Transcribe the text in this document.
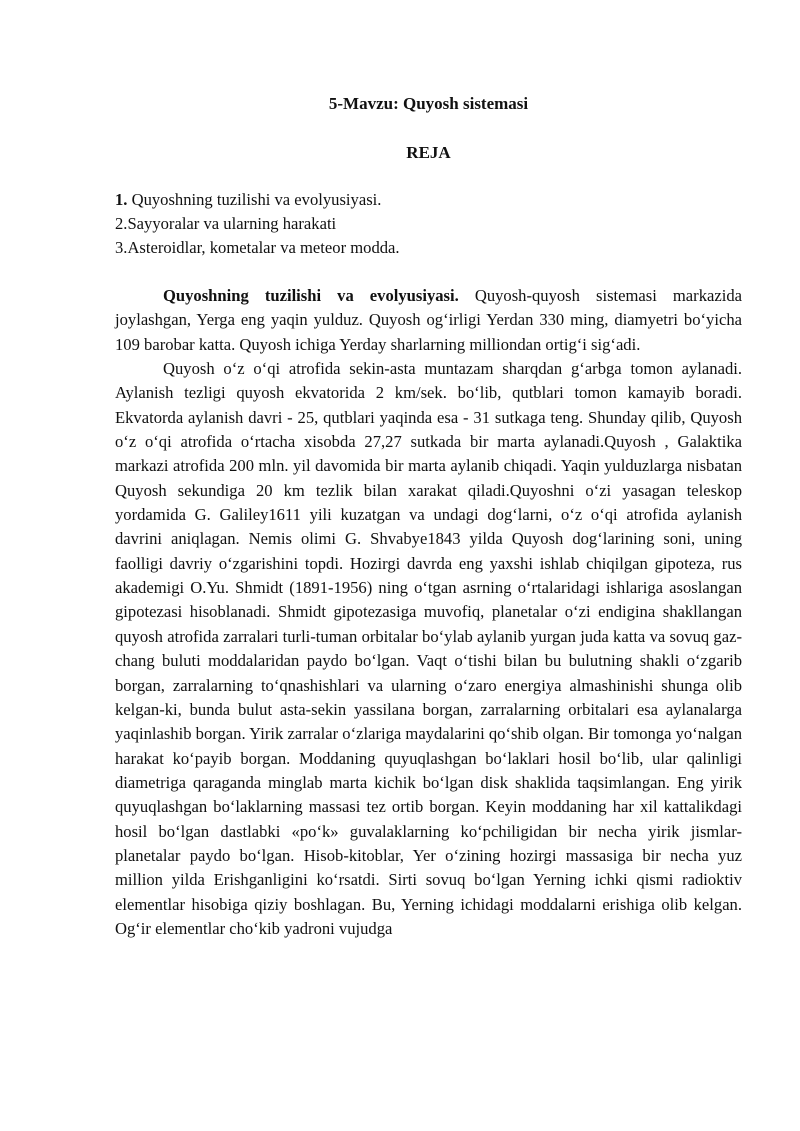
5-Mavzu: Quyosh sistemasi
REJA
1. Quyoshning tuzilishi va evolyusiyasi.
2.Sayyoralar va ularning harakati
3.Asteroidlar, kometalar va meteor modda.

Quyoshning tuzilishi va evolyusiyasi. Quyosh-quyosh sistemasi markazida joylashgan, Yerga eng yaqin yulduz. Quyosh og‘irligi Yerdan 330 ming, diamyetri bo‘yicha 109 barobar katta. Quyosh ichiga Yerday sharlarning milliondan ortig‘i sig‘adi.

Quyosh o‘z o‘qi atrofida sekin-asta muntazam sharqdan g‘arbga tomon aylanadi. Aylanish tezligi quyosh ekvatorida 2 km/sek. bo‘lib, qutblari tomon kamayib boradi. Ekvatorda aylanish davri - 25, qutblari yaqinda esa - 31 sutkaga teng. Shunday qilib, Quyosh o‘z o‘qi atrofida o‘rtacha xisobda 27,27 sutkada bir marta aylanadi.Quyosh , Galaktika markazi atrofida 200 mln. yil davomida bir marta aylanib chiqadi. Yaqin yulduzlarga nisbatan Quyosh sekundiga 20 km tezlik bilan xarakat qiladi.Quyoshni o‘zi yasagan teleskop yordamida G. Galiley1611 yili kuzatgan va undagi dog‘larni, o‘z o‘qi atrofida aylanish davrini aniqlagan. Nemis olimi G. Shvabye1843 yilda Quyosh dog‘larining soni, uning faolligi davriy o‘zgarishini topdi. Hozirgi davrda eng yaxshi ishlab chiqilgan gipoteza, rus akademigi O.Yu. Shmidt (1891-1956) ning o‘tgan asrning o‘rtalaridagi ishlariga asoslangan gipotezasi hisoblanadi. Shmidt gipotezasiga muvofiq, planetalar o‘zi endigina shakllangan quyosh atrofida zarralari turli-tuman orbitalar bo‘ylab aylanib yurgan juda katta va sovuq gaz-chang buluti moddalaridan paydo bo‘lgan. Vaqt o‘tishi bilan bu bulutning shakli o‘zgarib borgan, zarralarning to‘qnashishlari va ularning o‘zaro energiya almashinishi shunga olib kelgan-ki, bunda bulut asta-sekin yassilana borgan, zarralarning orbitalari esa aylanalarga yaqinlashib borgan. Yirik zarralar o‘zlariga maydalarini qo‘shib olgan. Bir tomonga yo‘nalgan harakat ko‘payib borgan. Moddaning quyuqlashgan bo‘laklari hosil bo‘lib, ular qalinligi diametriga qaraganda minglab marta kichik bo‘lgan disk shaklida taqsimlangan. Eng yirik quyuqlashgan bo‘laklarning massasi tez ortib borgan. Keyin moddaning har xil kattalikdagi hosil bo‘lgan dastlabki «po‘k» guvalaklarning ko‘pchiligidan bir necha yirik jismlar-planetalar paydo bo‘lgan. Hisob-kitoblar, Yer o‘zining hozirgi massasiga bir necha yuz million yilda Erishganligini ko‘rsatdi. Sirti sovuq bo‘lgan Yerning ichki qismi radioktiv elementlar hisobiga qiziy boshlagan. Bu, Yerning ichidagi moddalarni erishiga olib kelgan. Og‘ir elementlar cho‘kib yadroni vujudga
